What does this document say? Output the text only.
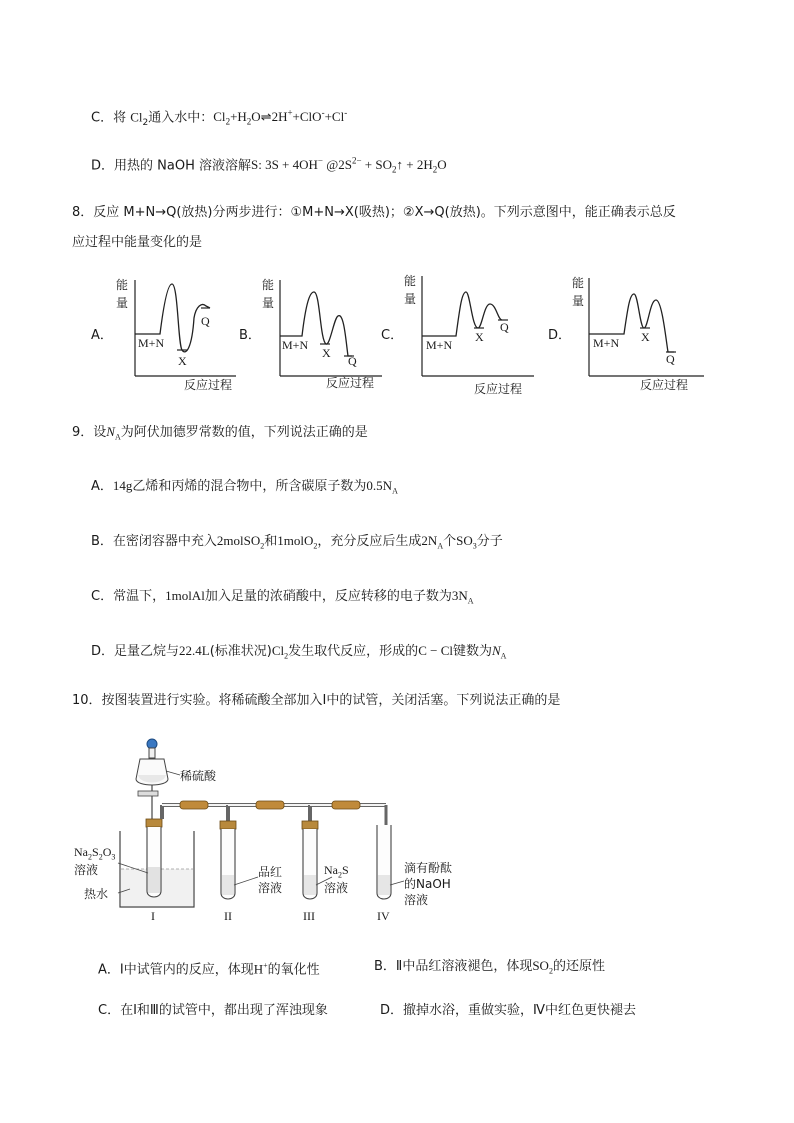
C．将 $Cl_2$通入水中：$Cl_2+H_2O\rightleftharpoons 2H^++ClO^-+Cl^-$
D．用热的 NaOH 溶液溶解S: 3S + 4OH− $@2S^{2-}$ + $SO_2↑ + 2H_2O$
8．反应 M+N→Q(放热)分两步进行：①M+N→X(吸热)；②X→Q(放热)。下列示意图中，能正确表示总反
应过程中能量变化的是
A．	B．	C．	D．
能
量
M+N
X
Q
反应过程
能
量
M+N
X
Q
反应过程
能
量
M+N
X
Q
反应过程
能
量
M+N X
Q
反应过程
9．设$N_A$为阿伏加德罗常数的值，下列说法正确的是
A．14g乙烯和丙烯的混合物中，所含碳原子数为$0.5N_A$
B．在密闭容器中充入2molSO$_2$和1molO$_2$，充分反应后生成$2N_A$个$SO_3$分子
C．常温下，1molAl加入足量的浓硝酸中，反应转移的电子数为$3N_A$
D．足量乙烷与22.4L(标准状况)$Cl_2$发生取代反应，形成的C − Cl键数为$N_A$
10．按图装置进行实验。将稀硫酸全部加入Ⅰ中的试管，关闭活塞。下列说法正确的是
稀硫酸
$Na_2S_2O_3$
溶液
热水
品红
溶液
$Na_2S$
溶液
滴有酚酞
的NaOH
溶液
I	II	III	IV
A．Ⅰ中试管内的反应，体现H+的氧化性	B．Ⅱ中品红溶液褪色，体现$SO_2$的还原性
C．在Ⅰ和Ⅲ的试管中，都出现了浑浊现象	D．撤掉水浴，重做实验，Ⅳ中红色更快褪去
